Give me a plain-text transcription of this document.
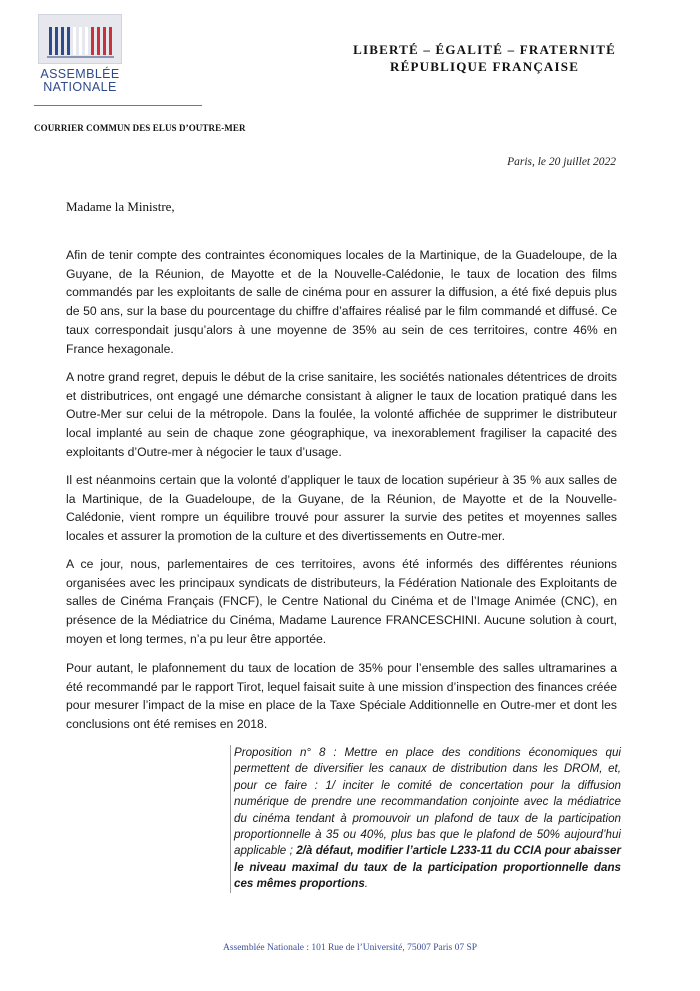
ASSEMBLÉE
NATIONALE
LIBERTÉ – ÉGALITÉ – FRATERNITÉ
RÉPUBLIQUE FRANÇAISE
COURRIER COMMUN DES ELUS D’OUTRE-MER
Paris, le 20 juillet 2022
Madame la Ministre,

Afin de tenir compte des contraintes économiques locales de la Martinique, de la Guadeloupe, de la Guyane, de la Réunion, de Mayotte et de la Nouvelle-Calédonie, le taux de location des films commandés par les exploitants de salle de cinéma pour en assurer la diffusion, a été fixé depuis plus de 50 ans, sur la base du pourcentage du chiffre d’affaires réalisé par le film commandé et diffusé. Ce taux correspondait jusqu’alors à une moyenne de 35% au sein de ces territoires, contre 46% en France hexagonale.

A notre grand regret, depuis le début de la crise sanitaire, les sociétés nationales détentrices de droits et distributrices, ont engagé une démarche consistant à aligner le taux de location pratiqué dans les Outre-Mer sur celui de la métropole. Dans la foulée, la volonté affichée de supprimer le distributeur local implanté au sein de chaque zone géographique, va inexorablement fragiliser la capacité des exploitants d’Outre-mer à négocier le taux d’usage.

Il est néanmoins certain que la volonté d’appliquer le taux de location supérieur à 35 % aux salles de la Martinique, de la Guadeloupe, de la Guyane, de la Réunion, de Mayotte et de la Nouvelle-Calédonie, vient rompre un équilibre trouvé pour assurer la survie des petites et moyennes salles locales et assurer la promotion de la culture et des divertissements en Outre-mer.

A ce jour, nous, parlementaires de ces territoires, avons été informés des différentes réunions organisées avec les principaux syndicats de distributeurs, la Fédération Nationale des Exploitants de salles de Cinéma Français (FNCF), le Centre National du Cinéma et de l’Image Animée (CNC), en présence de la Médiatrice du Cinéma, Madame Laurence FRANCESCHINI. Aucune solution à court, moyen et long termes, n’a pu leur être apportée.

Pour autant, le plafonnement du taux de location de 35% pour l’ensemble des salles ultramarines a été recommandé par le rapport Tirot, lequel faisait suite à une mission d’inspection des finances créée pour mesurer l’impact de la mise en place de la Taxe Spéciale Additionnelle en Outre-mer et dont les conclusions ont été remises en 2018.

Proposition n° 8 : Mettre en place des conditions économiques qui permettent de diversifier les canaux de distribution dans les DROM, et, pour ce faire : 1/ inciter le comité de concertation pour la diffusion numérique de prendre une recommandation conjointe avec la médiatrice du cinéma tendant à promouvoir un plafond de taux de la participation proportionnelle à 35 ou 40%, plus bas que le plafond de 50% aujourd’hui applicable ; 2/à défaut, modifier l’article L233-11 du CCIA pour abaisser le niveau maximal du taux de la participation proportionnelle dans ces mêmes proportions.

Assemblée Nationale : 101 Rue de l’Université, 75007 Paris 07 SP
